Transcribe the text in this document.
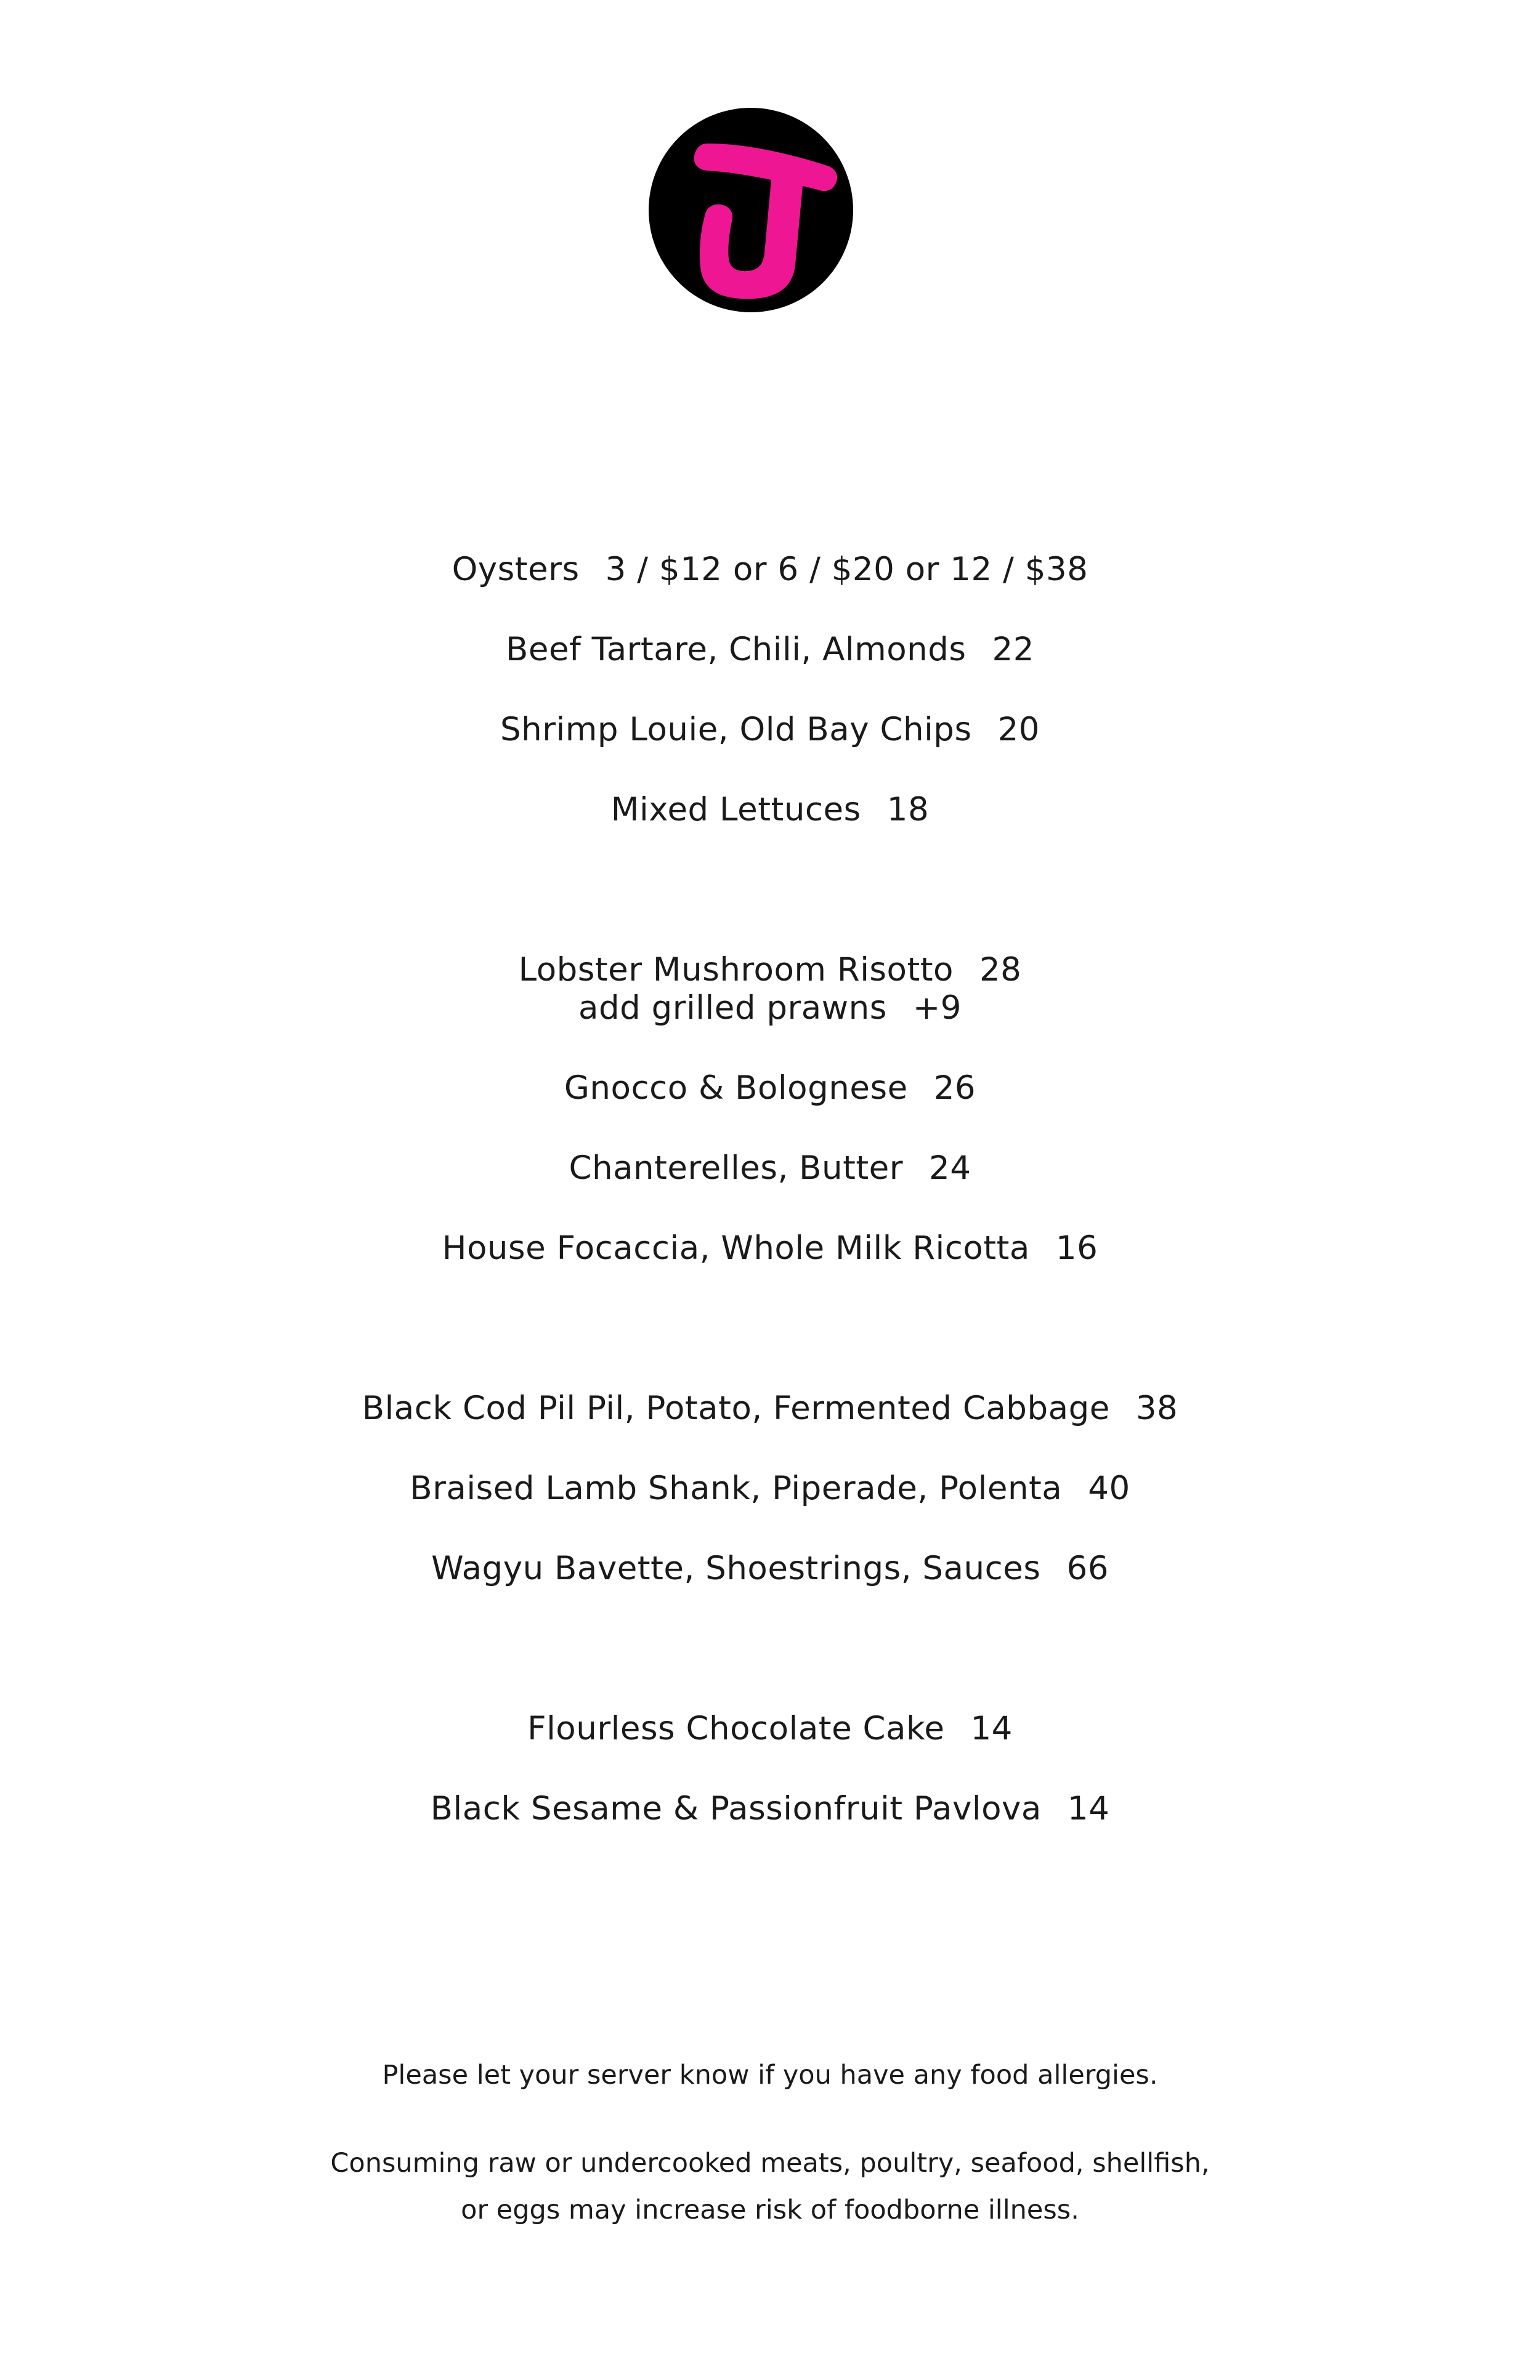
Oysters 3 / $12 or 6 / $20 or 12 / $38
Beef Tartare, Chili, Almonds 22
Shrimp Louie, Old Bay Chips 20
Mixed Lettuces 18
Lobster Mushroom Risotto 28
add grilled prawns +9
Gnocco & Bolognese 26
Chanterelles, Butter 24
House Focaccia, Whole Milk Ricotta 16
Black Cod Pil Pil, Potato, Fermented Cabbage 38
Braised Lamb Shank, Piperade, Polenta 40
Wagyu Bavette, Shoestrings, Sauces 66
Flourless Chocolate Cake 14
Black Sesame & Passionfruit Pavlova 14
Please let your server know if you have any food allergies.
Consuming raw or undercooked meats, poultry, seafood, shellfish,
or eggs may increase risk of foodborne illness.
